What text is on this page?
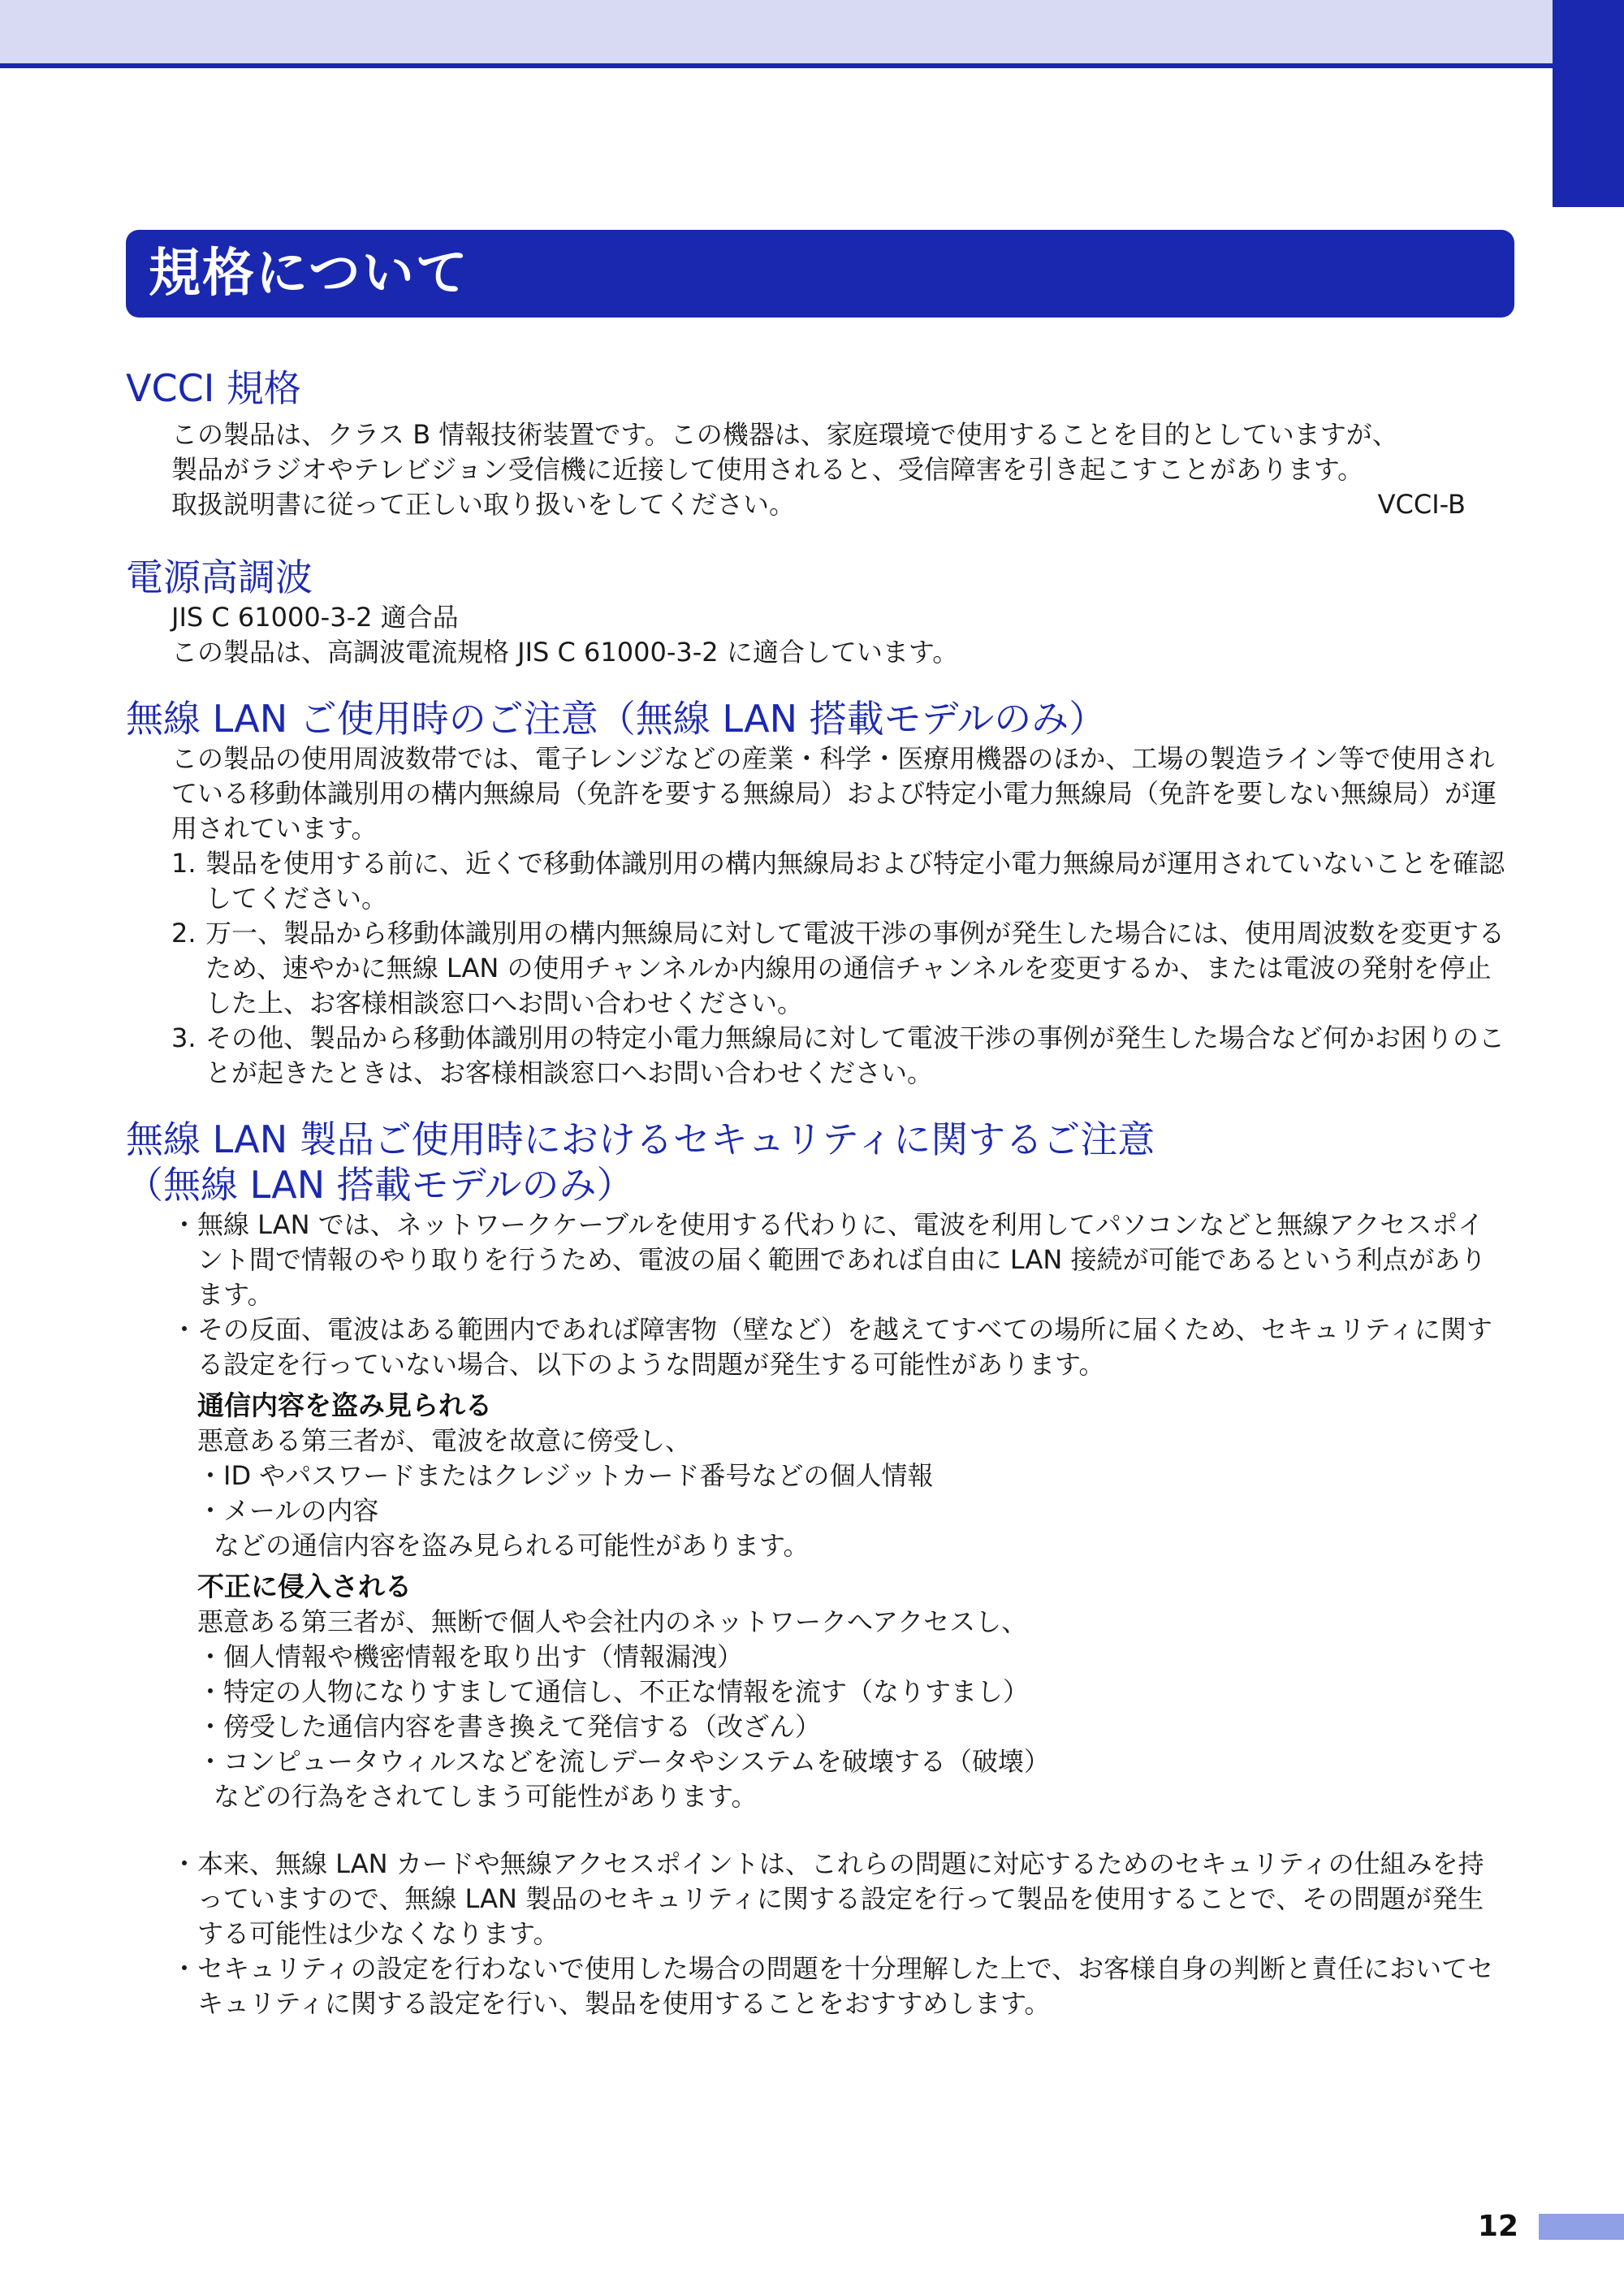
規格について
VCCI 規格

この製品は、クラス B 情報技術装置です。この機器は、家庭環境で使用することを目的としていますが、

製品がラジオやテレビジョン受信機に近接して使用されると、受信障害を引き起こすことがあります。

取扱説明書に従って正しい取り扱いをしてください。	VCCI-B
電源高調波

JIS C 61000-3-2 適合品

この製品は、高調波電流規格 JIS C 61000-3-2 に適合しています。

無線 LAN ご使用時のご注意（無線 LAN 搭載モデルのみ）

この製品の使用周波数帯では、電子レンジなどの産業・科学・医療用機器のほか、工場の製造ライン等で使用されている移動体識別用の構内無線局（免許を要する無線局）および特定小電力無線局（免許を要しない無線局）が運用されています。

1. 製品を使用する前に、近くで移動体識別用の構内無線局および特定小電力無線局が運用されていないことを確認してください。
2. 万一、製品から移動体識別用の構内無線局に対して電波干渉の事例が発生した場合には、使用周波数を変更するため、速やかに無線 LAN の使用チャンネルか内線用の通信チャンネルを変更するか、または電波の発射を停止した上、お客様相談窓口へお問い合わせください。
3. その他、製品から移動体識別用の特定小電力無線局に対して電波干渉の事例が発生した場合など何かお困りのことが起きたときは、お客様相談窓口へお問い合わせください。
無線 LAN 製品ご使用時におけるセキュリティに関するご注意
（無線 LAN 搭載モデルのみ）
・ 無線 LAN では、ネットワークケーブルを使用する代わりに、電波を利用してパソコンなどと無線アクセスポイント間で情報のやり取りを行うため、電波の届く範囲であれば自由に LAN 接続が可能であるという利点があります。
・ その反面、電波はある範囲内であれば障害物（壁など）を越えてすべての場所に届くため、セキュリティに関する設定を行っていない場合、以下のような問題が発生する可能性があります。
通信内容を盗み見られる

悪意ある第三者が、電波を故意に傍受し、

・ID やパスワードまたはクレジットカード番号などの個人情報

・メールの内容

などの通信内容を盗み見られる可能性があります。

不正に侵入される

悪意ある第三者が、無断で個人や会社内のネットワークへアクセスし、

・個人情報や機密情報を取り出す（情報漏洩）

・特定の人物になりすまして通信し、不正な情報を流す（なりすまし）

・傍受した通信内容を書き換えて発信する（改ざん）

・コンピュータウィルスなどを流しデータやシステムを破壊する（破壊）

などの行為をされてしまう可能性があります。

・ 本来、無線 LAN カードや無線アクセスポイントは、これらの問題に対応するためのセキュリティの仕組みを持っていますので、無線 LAN 製品のセキュリティに関する設定を行って製品を使用することで、その問題が発生する可能性は少なくなります。
・ セキュリティの設定を行わないで使用した場合の問題を十分理解した上で、お客様自身の判断と責任においてセキュリティに関する設定を行い、製品を使用することをおすすめします。
12
